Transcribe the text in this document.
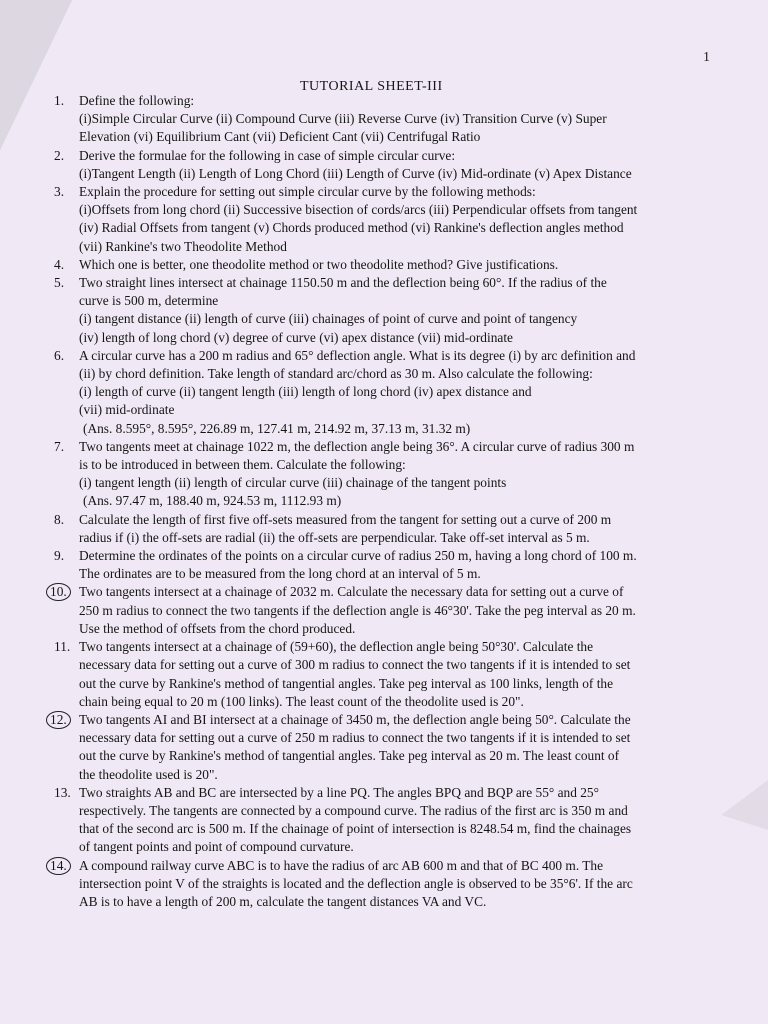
1
TUTORIAL SHEET-III
1.	Define the following:
(i)Simple Circular Curve (ii) Compound Curve (iii) Reverse Curve (iv) Transition Curve (v) Super
Elevation (vi) Equilibrium Cant (vii) Deficient Cant (vii) Centrifugal Ratio
2.	Derive the formulae for the following in case of simple circular curve:
(i)Tangent Length (ii) Length of Long Chord (iii) Length of Curve (iv) Mid-ordinate (v) Apex Distance
3.	Explain the procedure for setting out simple circular curve by the following methods:
(i)Offsets from long chord (ii) Successive bisection of cords/arcs (iii) Perpendicular offsets from tangent
(iv) Radial Offsets from tangent (v) Chords produced method (vi) Rankine's deflection angles method
(vii) Rankine's two Theodolite Method
4.	Which one is better, one theodolite method or two theodolite method? Give justifications.
5.	Two straight lines intersect at chainage 1150.50 m and the deflection being 60°. If the radius of the
curve is 500 m, determine
(i) tangent distance (ii) length of curve (iii) chainages of point of curve and point of tangency
(iv) length of long chord (v) degree of curve (vi) apex distance (vii) mid-ordinate
6.	A circular curve has a 200 m radius and 65° deflection angle. What is its degree (i) by arc definition and
(ii) by chord definition. Take length of standard arc/chord as 30 m. Also calculate the following:
(i) length of curve (ii) tangent length (iii) length of long chord (iv) apex distance and
(vii) mid-ordinate
(Ans. 8.595°, 8.595°, 226.89 m, 127.41 m, 214.92 m, 37.13 m, 31.32 m)
7.	Two tangents meet at chainage 1022 m, the deflection angle being 36°. A circular curve of radius 300 m
is to be introduced in between them. Calculate the following:
(i) tangent length (ii) length of circular curve (iii) chainage of the tangent points
(Ans. 97.47 m, 188.40 m, 924.53 m, 1112.93 m)
8.	Calculate the length of first five off-sets measured from the tangent for setting out a curve of 200 m
radius if (i) the off-sets are radial (ii) the off-sets are perpendicular. Take off-set interval as 5 m.
9.	Determine the ordinates of the points on a circular curve of radius 250 m, having a long chord of 100 m.
The ordinates are to be measured from the long chord at an interval of 5 m.
10. Two tangents intersect at a chainage of 2032 m. Calculate the necessary data for setting out a curve of
250 m radius to connect the two tangents if the deflection angle is 46°30'. Take the peg interval as 20 m.
Use the method of offsets from the chord produced.
11. Two tangents intersect at a chainage of (59+60), the deflection angle being 50°30'. Calculate the
necessary data for setting out a curve of 300 m radius to connect the two tangents if it is intended to set
out the curve by Rankine's method of tangential angles. Take peg interval as 100 links, length of the
chain being equal to 20 m (100 links). The least count of the theodolite used is 20".
12. Two tangents AI and BI intersect at a chainage of 3450 m, the deflection angle being 50°. Calculate the
necessary data for setting out a curve of 250 m radius to connect the two tangents if it is intended to set
out the curve by Rankine's method of tangential angles. Take peg interval as 20 m. The least count of
the theodolite used is 20".
13. Two straights AB and BC are intersected by a line PQ. The angles BPQ and BQP are 55° and 25°
respectively. The tangents are connected by a compound curve. The radius of the first arc is 350 m and
that of the second arc is 500 m. If the chainage of point of intersection is 8248.54 m, find the chainages
of tangent points and point of compound curvature.
14. A compound railway curve ABC is to have the radius of arc AB 600 m and that of BC 400 m. The
intersection point V of the straights is located and the deflection angle is observed to be 35°6'. If the arc
AB is to have a length of 200 m, calculate the tangent distances VA and VC.
